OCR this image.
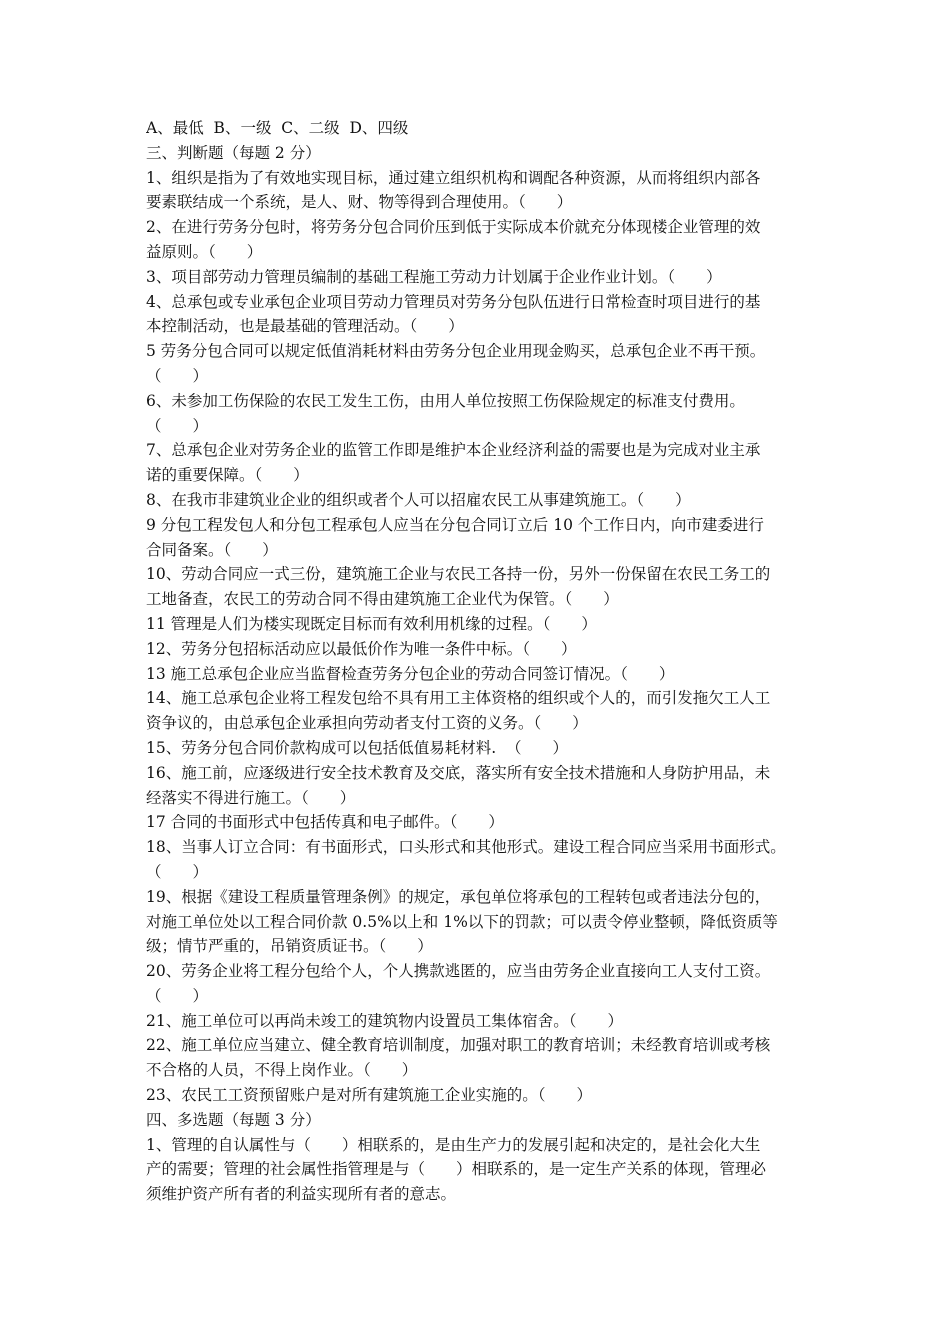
A、最低  B、一级  C、二级  D、四级
三、判断题（每题 2 分）
1、组织是指为了有效地实现目标，通过建立组织机构和调配各种资源，从而将组织内部各
要素联结成一个系统，是人、财、物等得到合理使用。（　　）
2、在进行劳务分包时，将劳务分包合同价压到低于实际成本价就充分体现楼企业管理的效
益原则。（　　）
3、项目部劳动力管理员编制的基础工程施工劳动力计划属于企业作业计划。（　　）
4、总承包或专业承包企业项目劳动力管理员对劳务分包队伍进行日常检查时项目进行的基
本控制活动，也是最基础的管理活动。（　　）
5 劳务分包合同可以规定低值消耗材料由劳务分包企业用现金购买，总承包企业不再干预。
（　　）
6、未参加工伤保险的农民工发生工伤，由用人单位按照工伤保险规定的标准支付费用。
（　　）
7、总承包企业对劳务企业的监管工作即是维护本企业经济利益的需要也是为完成对业主承
诺的重要保障。（　　）
8、在我市非建筑业企业的组织或者个人可以招雇农民工从事建筑施工。（　　）
9 分包工程发包人和分包工程承包人应当在分包合同订立后 10 个工作日内，向市建委进行
合同备案。（　　）
10、劳动合同应一式三份，建筑施工企业与农民工各持一份，另外一份保留在农民工务工的
工地备查，农民工的劳动合同不得由建筑施工企业代为保管。（　　）
11 管理是人们为楼实现既定目标而有效利用机缘的过程。（　　）
12、劳务分包招标活动应以最低价作为唯一条件中标。（　　）
13 施工总承包企业应当监督检查劳务分包企业的劳动合同签订情况。（　　）
14、施工总承包企业将工程发包给不具有用工主体资格的组织或个人的，而引发拖欠工人工
资争议的，由总承包企业承担向劳动者支付工资的义务。（　　）
15、劳务分包合同价款构成可以包括低值易耗材料.  （　　）
16、施工前，应逐级进行安全技术教育及交底，落实所有安全技术措施和人身防护用品，未
经落实不得进行施工。（　　）
17 合同的书面形式中包括传真和电子邮件。（　　）
18、当事人订立合同：有书面形式，口头形式和其他形式。建设工程合同应当采用书面形式。
（　　）
19、根据《建设工程质量管理条例》的规定，承包单位将承包的工程转包或者违法分包的，
对施工单位处以工程合同价款 0.5%以上和 1%以下的罚款；可以责令停业整顿，降低资质等
级；情节严重的，吊销资质证书。（　　）
20、劳务企业将工程分包给个人，个人携款逃匿的，应当由劳务企业直接向工人支付工资。
（　　）
21、施工单位可以再尚未竣工的建筑物内设置员工集体宿舍。（　　）
22、施工单位应当建立、健全教育培训制度，加强对职工的教育培训；未经教育培训或考核
不合格的人员，不得上岗作业。（　　）
23、农民工工资预留账户是对所有建筑施工企业实施的。（　　）
四、多选题（每题 3 分）
1、管理的自认属性与（　　）相联系的，是由生产力的发展引起和决定的，是社会化大生
产的需要；管理的社会属性指管理是与（　　）相联系的，是一定生产关系的体现，管理必
须维护资产所有者的利益实现所有者的意志。
